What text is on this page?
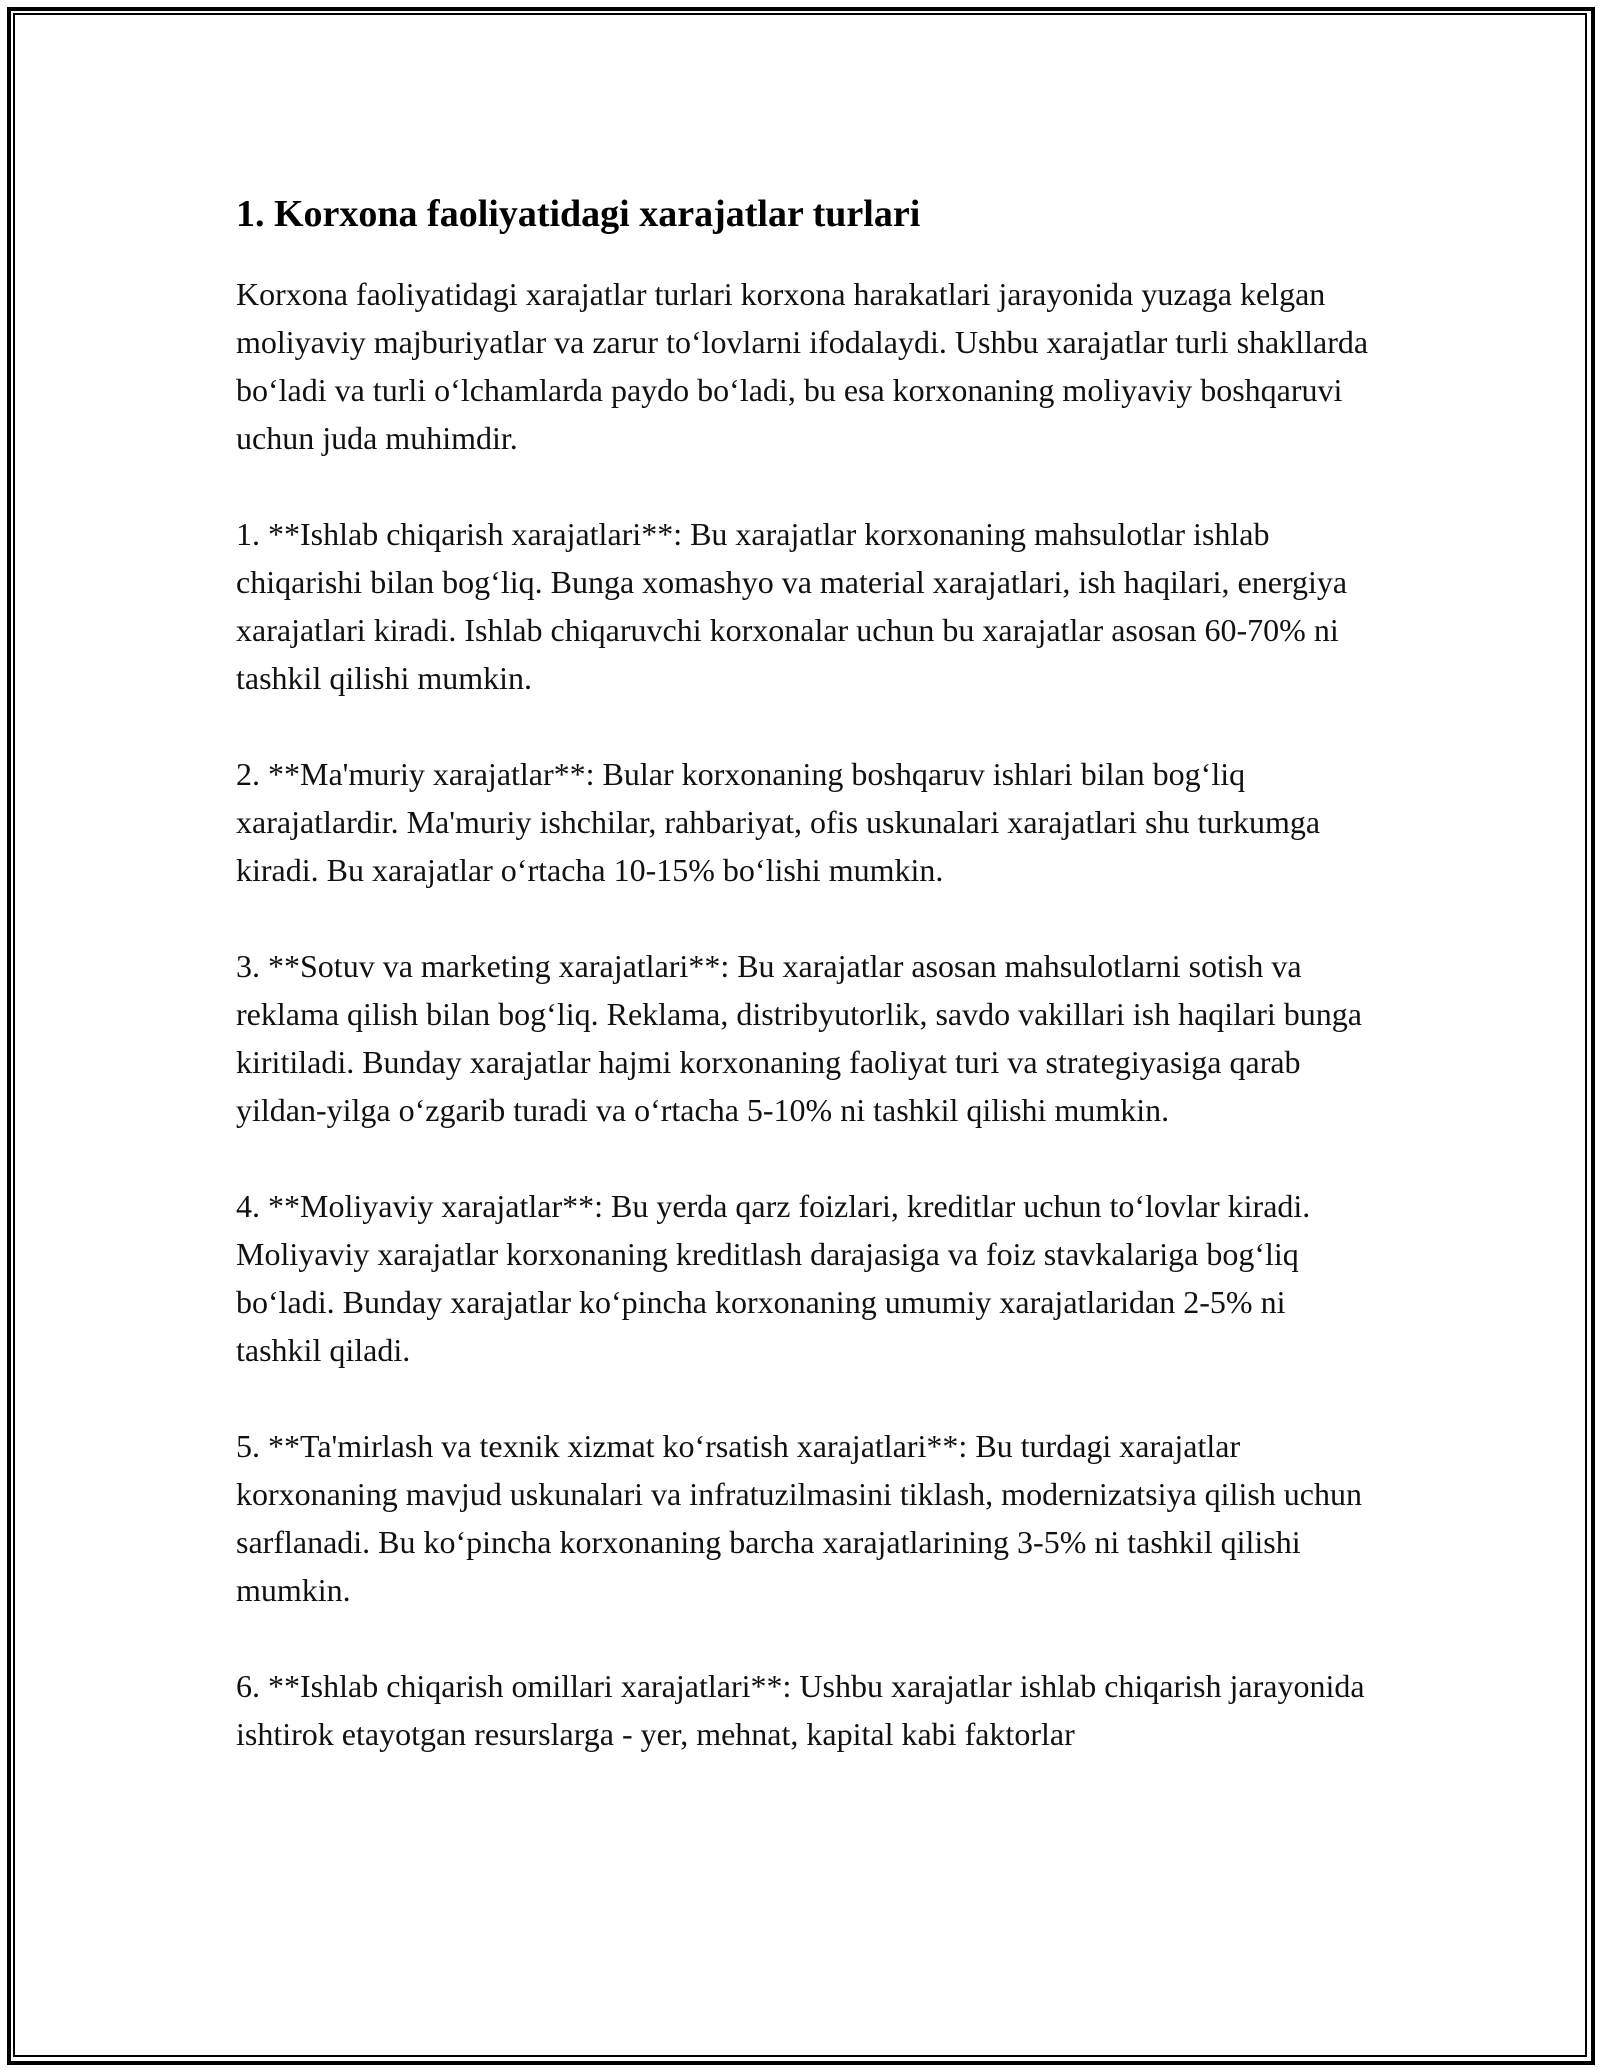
1. Korxona faoliyatidagi xarajatlar turlari

Korxona faoliyatidagi xarajatlar turlari korxona harakatlari jarayonida yuzaga kelgan moliyaviy majburiyatlar va zarur to‘lovlarni ifodalaydi. Ushbu xarajatlar turli shakllarda bo‘ladi va turli o‘lchamlarda paydo bo‘ladi, bu esa korxonaning moliyaviy boshqaruvi uchun juda muhimdir.

1. **Ishlab chiqarish xarajatlari**: Bu xarajatlar korxonaning mahsulotlar ishlab chiqarishi bilan bog‘liq. Bunga xomashyo va material xarajatlari, ish haqilari, energiya xarajatlari kiradi. Ishlab chiqaruvchi korxonalar uchun bu xarajatlar asosan 60-70% ni tashkil qilishi mumkin.

2. **Ma'muriy xarajatlar**: Bular korxonaning boshqaruv ishlari bilan bog‘liq xarajatlardir. Ma'muriy ishchilar, rahbariyat, ofis uskunalari xarajatlari shu turkumga kiradi. Bu xarajatlar o‘rtacha 10-15% bo‘lishi mumkin.

3. **Sotuv va marketing xarajatlari**: Bu xarajatlar asosan mahsulotlarni sotish va reklama qilish bilan bog‘liq. Reklama, distribyutorlik, savdo vakillari ish haqilari bunga kiritiladi. Bunday xarajatlar hajmi korxonaning faoliyat turi va strategiyasiga qarab yildan-yilga o‘zgarib turadi va o‘rtacha 5-10% ni tashkil qilishi mumkin.

4. **Moliyaviy xarajatlar**: Bu yerda qarz foizlari, kreditlar uchun to‘lovlar kiradi. Moliyaviy xarajatlar korxonaning kreditlash darajasiga va foiz stavkalariga bog‘liq bo‘ladi. Bunday xarajatlar ko‘pincha korxonaning umumiy xarajatlaridan 2-5% ni tashkil qiladi.

5. **Ta'mirlash va texnik xizmat ko‘rsatish xarajatlari**: Bu turdagi xarajatlar korxonaning mavjud uskunalari va infratuzilmasini tiklash, modernizatsiya qilish uchun sarflanadi. Bu ko‘pincha korxonaning barcha xarajatlarining 3-5% ni tashkil qilishi mumkin.

6. **Ishlab chiqarish omillari xarajatlari**: Ushbu xarajatlar ishlab chiqarish jarayonida ishtirok etayotgan resurslarga - yer, mehnat, kapital kabi faktorlar
